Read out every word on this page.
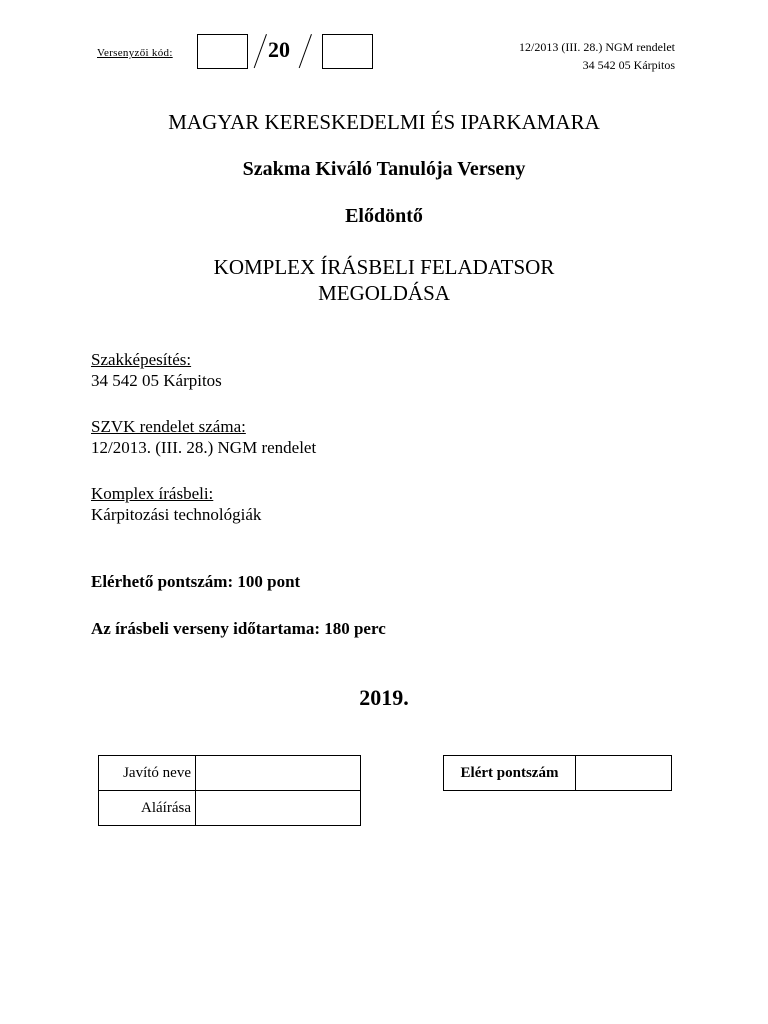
Versenyzői kód:	20	12/2013 (III. 28.) NGM rendelet
34 542 05 Kárpitos
MAGYAR KERESKEDELMI ÉS IPARKAMARA
Szakma Kiváló Tanulója Verseny
Elődöntő
KOMPLEX ÍRÁSBELI FELADATSOR
MEGOLDÁSA
Szakképesítés:
34 542 05 Kárpitos
SZVK rendelet száma:
12/2013. (III. 28.) NGM rendelet
Komplex írásbeli:
Kárpitozási technológiák
Elérhető pontszám: 100 pont
Az írásbeli verseny időtartama: 180 perc
2019.
Javító neve	
Aláírása	
Elért pontszám	
